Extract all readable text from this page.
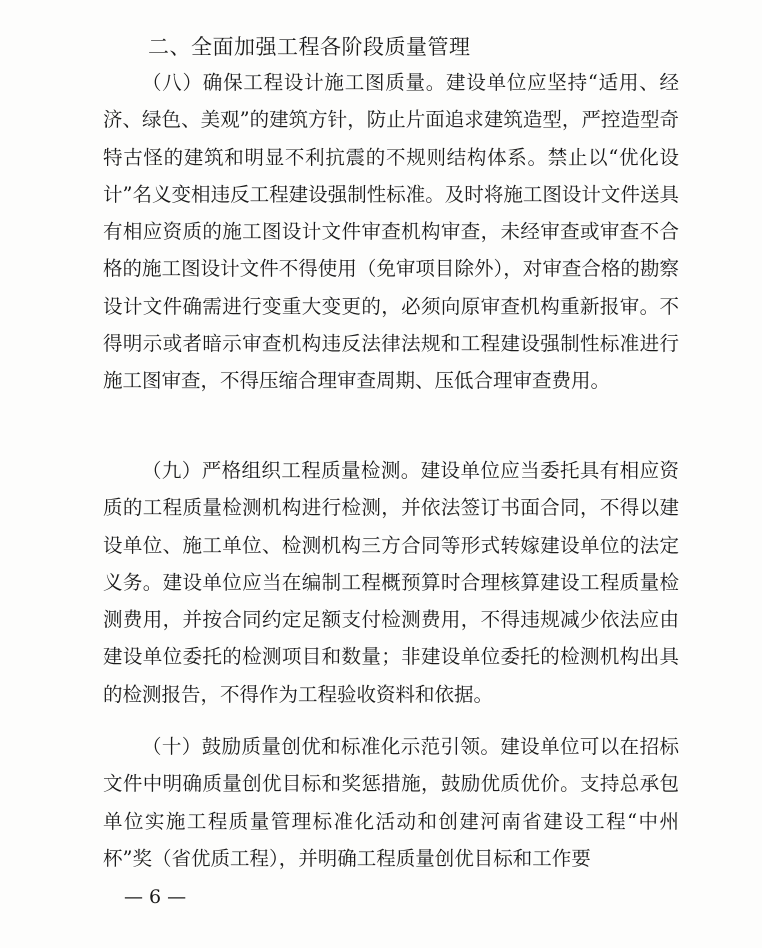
二、全面加强工程各阶段质量管理

（八）确保工程设计施工图质量。建设单位应坚持“适用、经济、绿色、美观”的建筑方针，防止片面追求建筑造型，严控造型奇特古怪的建筑和明显不利抗震的不规则结构体系。禁止以“优化设计”名义变相违反工程建设强制性标准。及时将施工图设计文件送具有相应资质的施工图设计文件审查机构审查，未经审查或审查不合格的施工图设计文件不得使用（免审项目除外），对审查合格的勘察设计文件确需进行变重大变更的，必须向原审查机构重新报审。不得明示或者暗示审查机构违反法律法规和工程建设强制性标准进行施工图审查，不得压缩合理审查周期、压低合理审查费用。

（九）严格组织工程质量检测。建设单位应当委托具有相应资质的工程质量检测机构进行检测，并依法签订书面合同，不得以建设单位、施工单位、检测机构三方合同等形式转嫁建设单位的法定义务。建设单位应当在编制工程概预算时合理核算建设工程质量检测费用，并按合同约定足额支付检测费用，不得违规减少依法应由建设单位委托的检测项目和数量；非建设单位委托的检测机构出具的检测报告，不得作为工程验收资料和依据。

（十）鼓励质量创优和标准化示范引领。建设单位可以在招标文件中明确质量创优目标和奖惩措施，鼓励优质优价。支持总承包单位实施工程质量管理标准化活动和创建河南省建设工程“中州杯”奖（省优质工程），并明确工程质量创优目标和工作要

— 6 —
